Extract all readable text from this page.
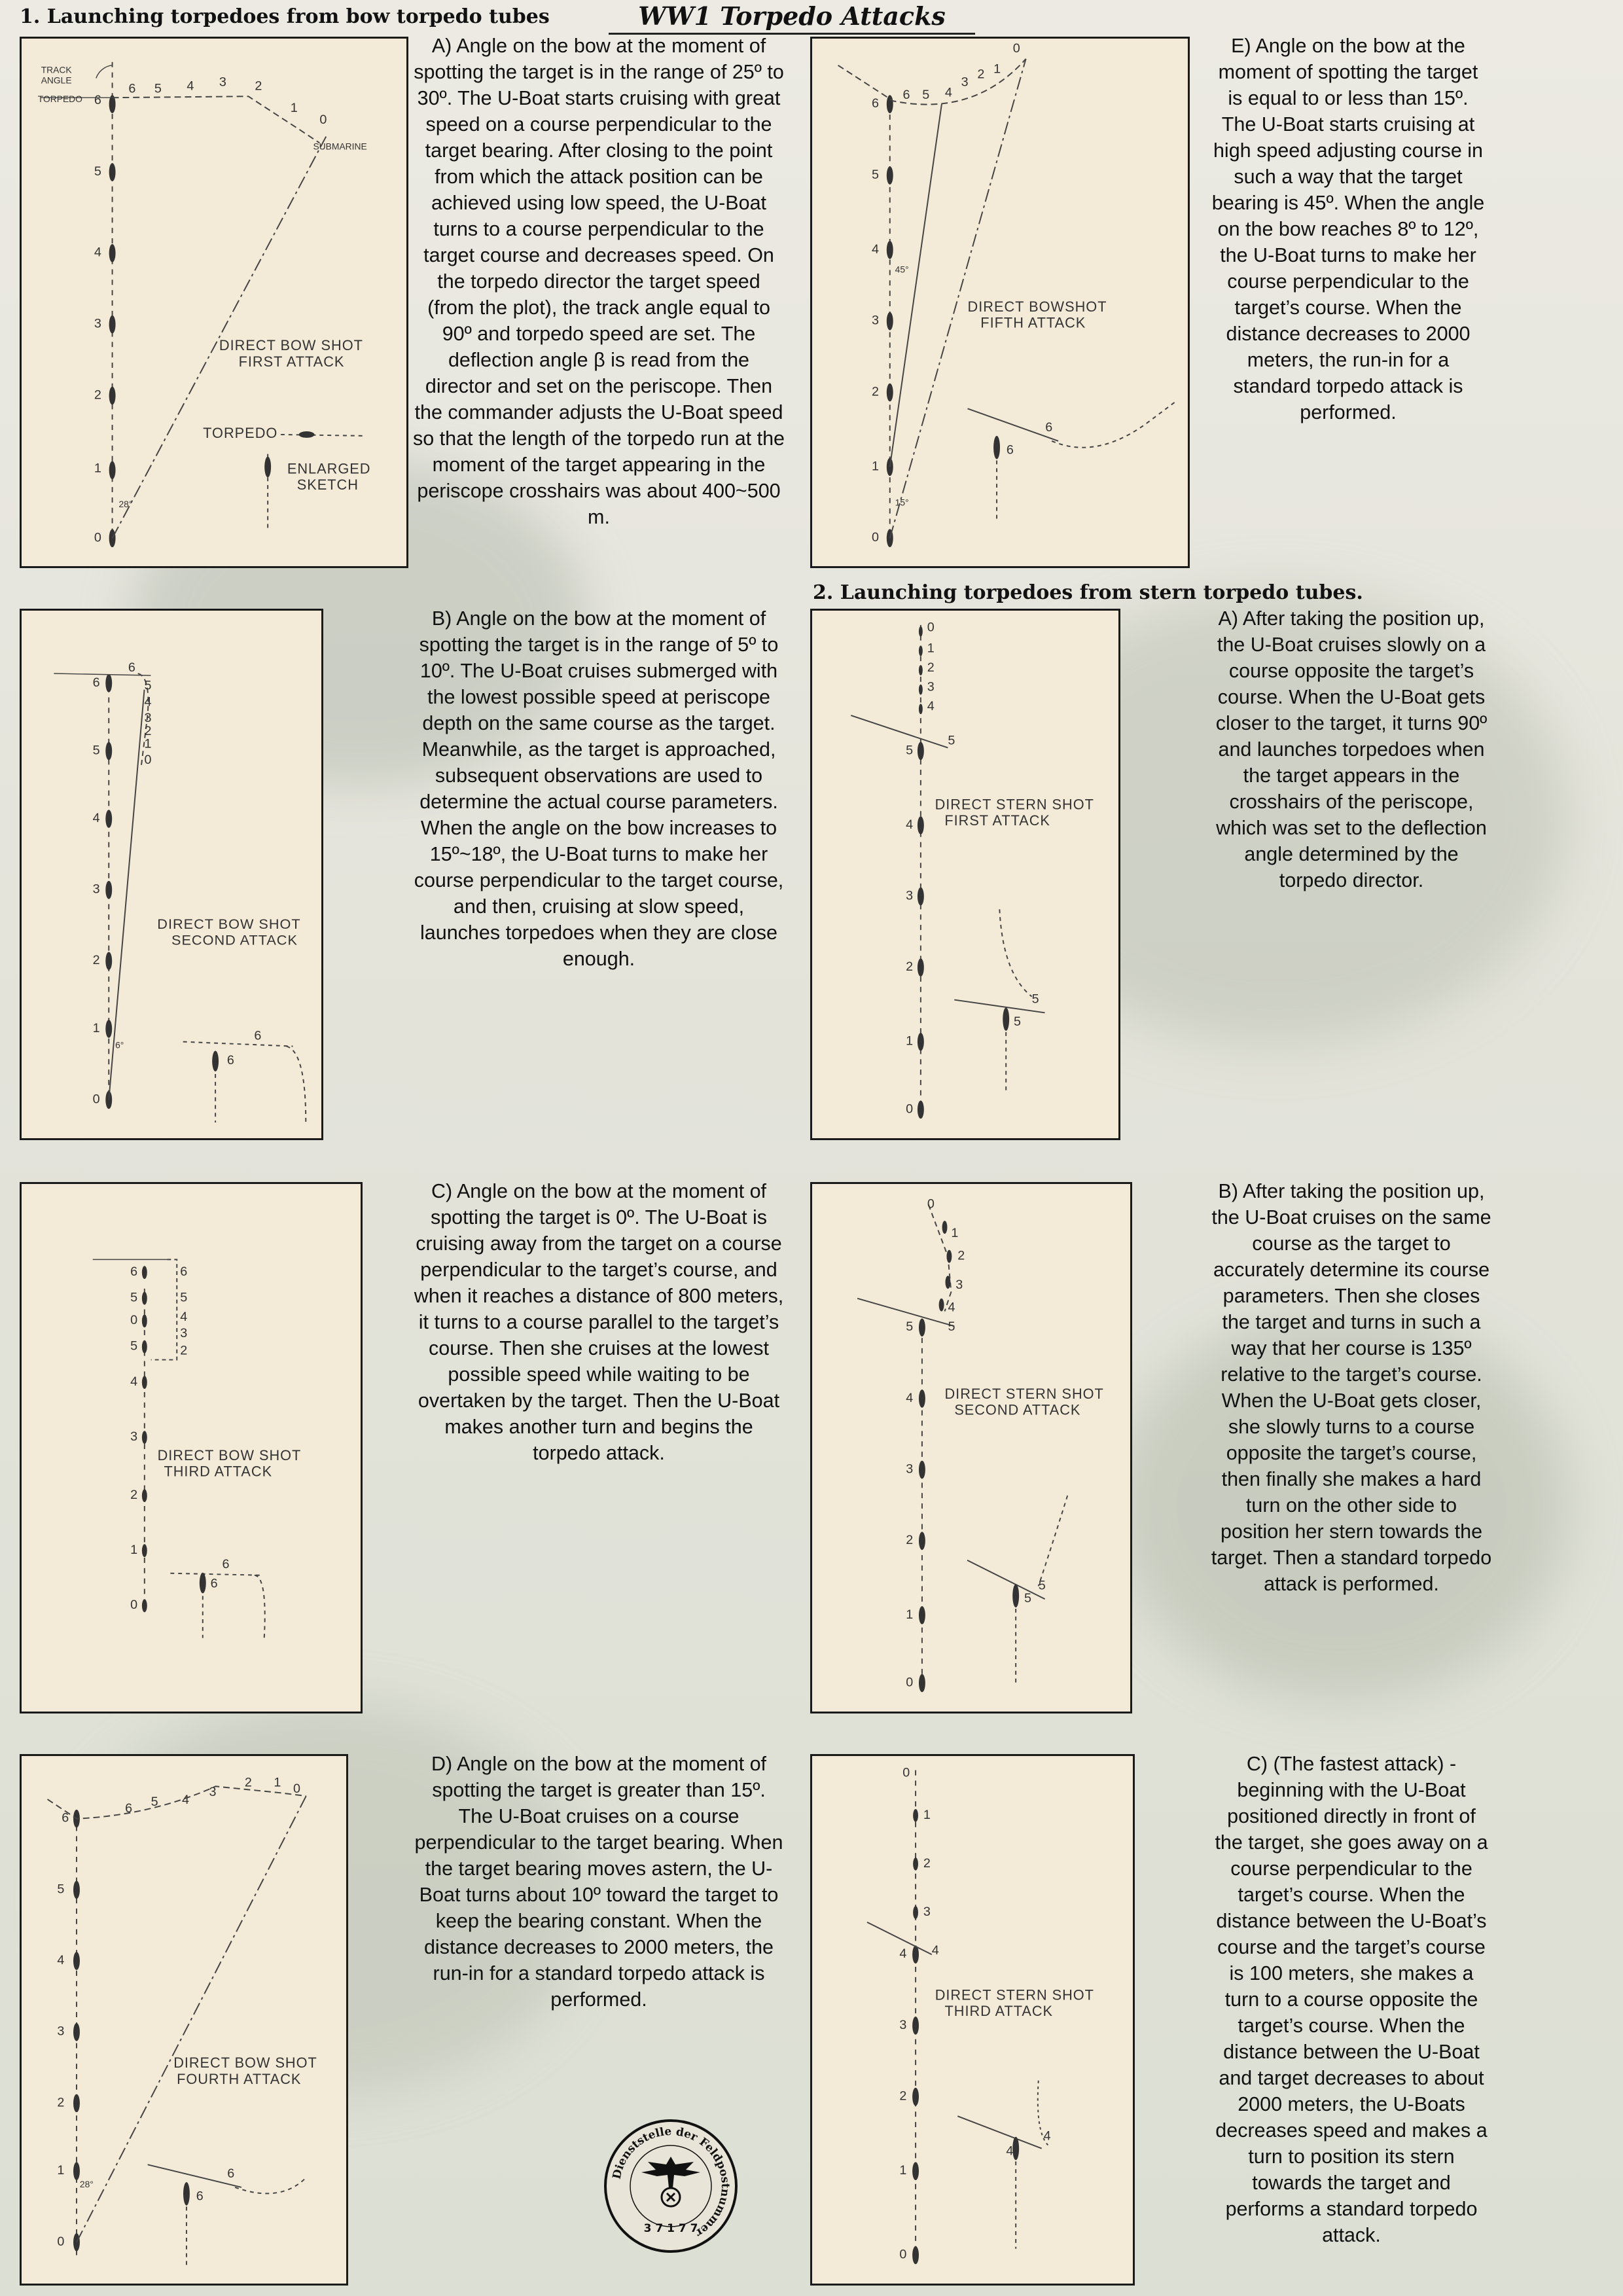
WW1 Torpedo Attacks
1. Launching torpedoes from bow torpedo tubes
2. Launching torpedoes from stern torpedo tubes.
6
5
4
3
2
1
0
6 5 4 3 2
1
0
TRACK
ANGLE
TORPEDO
SUBMARINE
DIRECT BOW SHOT
FIRST ATTACK
TORPEDO
ENLARGED
SKETCH
28°
6
5
4
3
2
1
0
6 5 4
3
2 1
0
15°
45°
DIRECT BOWSHOT
FIFTH ATTACK
6
6
6
5
4
3
2
1
0
6
5
4
3
2
1
0
6°
DIRECT BOW SHOT
SECOND ATTACK
6
6
0
1
2
3
4
5
4
3
2
1
0
5
DIRECT STERN SHOT
FIRST ATTACK
5
5
6
5
0
5
4
3
2
1
0
6
5
4
3
2
DIRECT BOW SHOT
THIRD ATTACK
6
6
0
1
2
3
4
5
4
3
2
1
0
5
DIRECT STERN SHOT
SECOND ATTACK
5
5
6
5
4
3
2
1
0
6 5 4
3
2 1 0
28°
DIRECT BOW SHOT
FOURTH ATTACK
6
6
0
1
2
3
4
3
2
1
0
4
DIRECT STERN SHOT
THIRD ATTACK
4
4
A) Angle on the bow at the moment of spotting the target is in the range of 25º to 30º. The U-Boat starts cruising with great speed on a course perpendicular to the target bearing. After closing to the point from which the attack position can be achieved using low speed, the U-Boat turns to a course perpendicular to the target course and decreases speed. On the torpedo director the target speed (from the plot), the track angle equal to 90º and torpedo speed are set. The deflection angle β is read from the director and set on the periscope. Then the commander adjusts the U-Boat speed so that the length of the torpedo run at the moment of the target appearing in the periscope crosshairs was about 400~500 m.
E) Angle on the bow at the moment of spotting the target is equal to or less than 15º. The U-Boat starts cruising at high speed adjusting course in such a way that the target bearing is 45º. When the angle on the bow reaches 8º to 12º, the U-Boat turns to make her course perpendicular to the target’s course. When the distance decreases to 2000 meters, the run-in for a standard torpedo attack is performed.
B) Angle on the bow at the moment of spotting the target is in the range of 5º to 10º. The U-Boat cruises submerged with the lowest possible speed at periscope depth on the same course as the target. Meanwhile, as the target is approached, subsequent observations are used to determine the actual course parameters. When the angle on the bow increases to 15º~18º, the U-Boat turns to make her course perpendicular to the target course, and then, cruising at slow speed, launches torpedoes when they are close enough.
A) After taking the position up, the U-Boat cruises slowly on a course opposite the target’s course. When the U-Boat gets closer to the target, it turns 90º and launches torpedoes when the target appears in the crosshairs of the periscope, which was set to the deflection angle determined by the torpedo director.
C) Angle on the bow at the moment of spotting the target is 0º. The U-Boat is cruising away from the target on a course perpendicular to the target’s course, and when it reaches a distance of 800 meters, it turns to a course parallel to the target’s course. Then she cruises at the lowest possible speed while waiting to be overtaken by the target. Then the U-Boat makes another turn and begins the torpedo attack.
B) After taking the position up, the U-Boat cruises on the same course as the target to accurately determine its course parameters. Then she closes the target and turns in such a way that her course is 135º relative to the target’s course. When the U-Boat gets closer, she slowly turns to a course opposite the target’s course, then finally she makes a hard turn on the other side to position her stern towards the target. Then a standard torpedo attack is performed.
D) Angle on the bow at the moment of spotting the target is greater than 15º. The U-Boat cruises on a course perpendicular to the target bearing. When the target bearing moves astern, the U-Boat turns about 10º toward the target to keep the bearing constant. When the distance decreases to 2000 meters, the run-in for a standard torpedo attack is performed.
C) (The fastest attack) - beginning with the U-Boat positioned directly in front of the target, she goes away on a course perpendicular to the target’s course. When the distance between the U-Boat’s course and the target’s course is 100 meters, she makes a turn to a course opposite the target’s course. When the distance between the U-Boat and target decreases to about 2000 meters, the U-Boats decreases speed and makes a turn to position its stern towards the target and performs a standard torpedo attack.
Dienststelle der Feldpostnummer
3 7 1 7 7
